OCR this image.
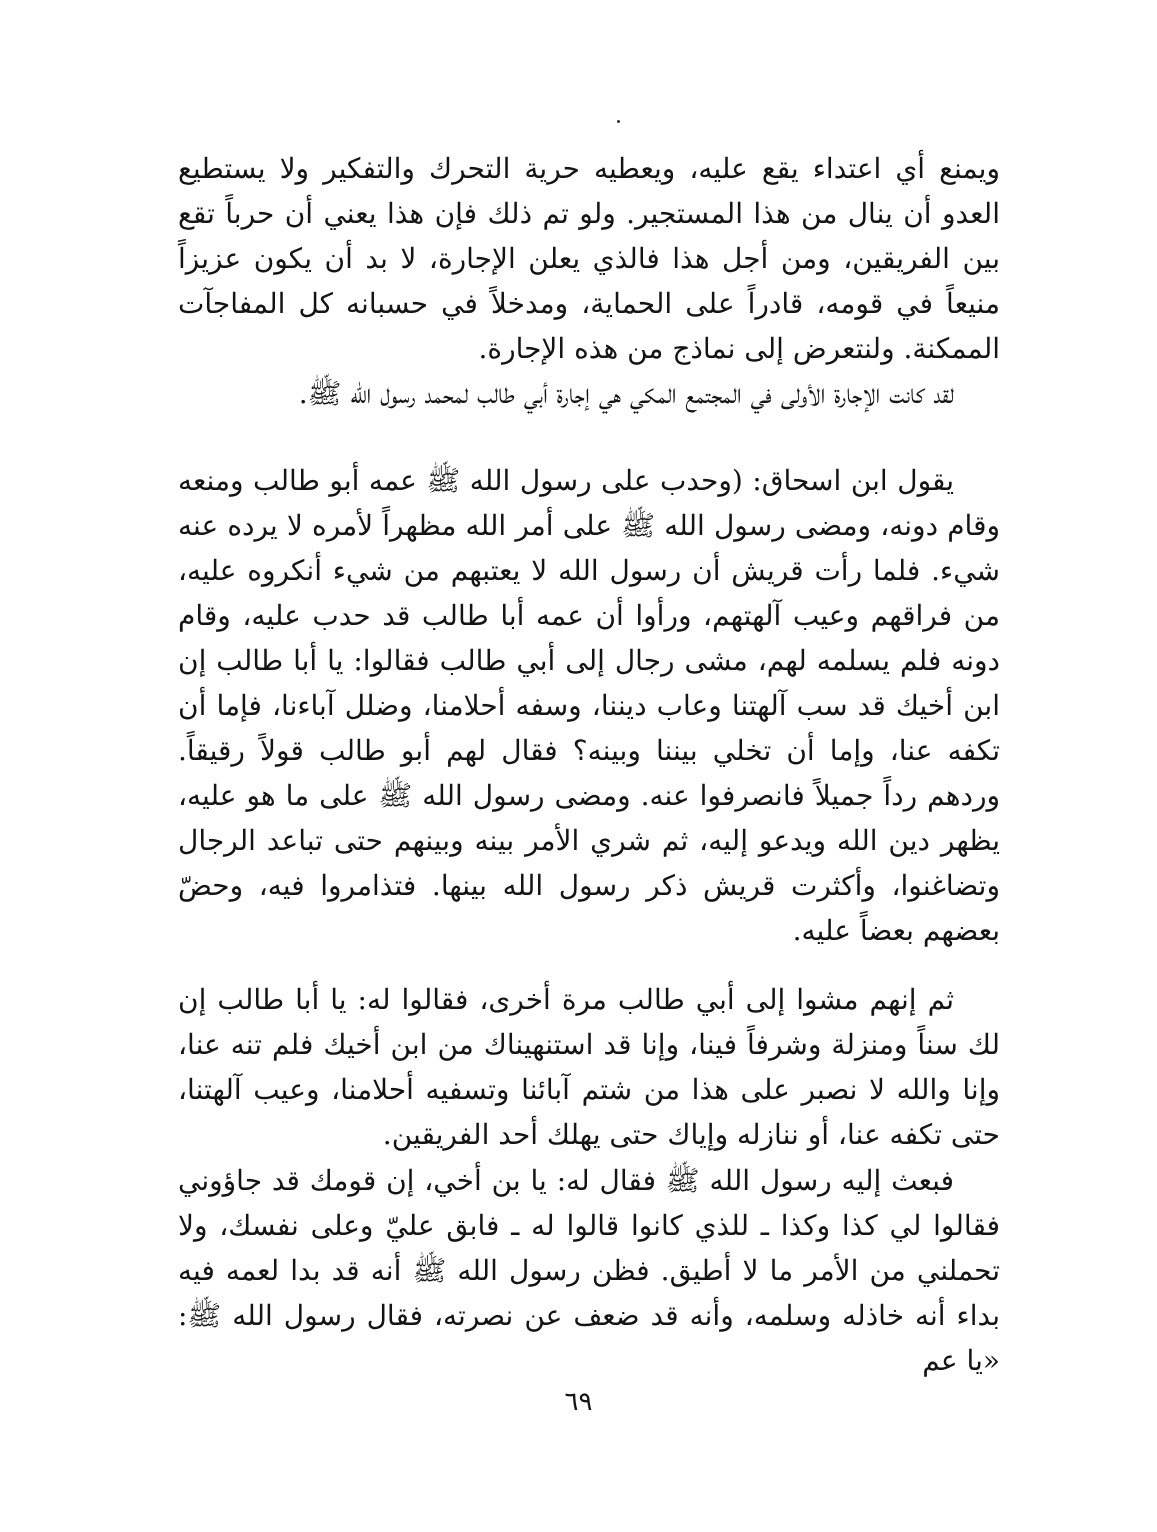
ويمنع أي اعتداء يقع عليه، ويعطيه حرية التحرك والتفكير ولا يستطيع العدو أن ينال من هذا المستجير. ولو تم ذلك فإن هذا يعني أن حرباً تقع بين الفريقين، ومن أجل هذا فالذي يعلن الإجارة، لا بد أن يكون عزيزاً منيعاً في قومه، قادراً على الحماية، ومدخلاً في حسبانه كل المفاجآت الممكنة. ولنتعرض إلى نماذج من هذه الإجارة.

لقد كانت الإجارة الأولى في المجتمع المكي هي إجارة أبي طالب لمحمد رسول الله ﷺ.

يقول ابن اسحاق: (وحدب على رسول الله ﷺ عمه أبو طالب ومنعه وقام دونه، ومضى رسول الله ﷺ على أمر الله مظهراً لأمره لا يرده عنه شيء. فلما رأت قريش أن رسول الله لا يعتبهم من شيء أنكروه عليه، من فراقهم وعيب آلهتهم، ورأوا أن عمه أبا طالب قد حدب عليه، وقام دونه فلم يسلمه لهم، مشى رجال إلى أبي طالب فقالوا: يا أبا طالب إن ابن أخيك قد سب آلهتنا وعاب ديننا، وسفه أحلامنا، وضلل آباءنا، فإما أن تكفه عنا، وإما أن تخلي بيننا وبينه؟ فقال لهم أبو طالب قولاً رقيقاً. وردهم رداً جميلاً فانصرفوا عنه. ومضى رسول الله ﷺ على ما هو عليه، يظهر دين الله ويدعو إليه، ثم شري الأمر بينه وبينهم حتى تباعد الرجال وتضاغنوا، وأكثرت قريش ذكر رسول الله بينها. فتذامروا فيه، وحضّ بعضهم بعضاً عليه.

ثم إنهم مشوا إلى أبي طالب مرة أخرى، فقالوا له: يا أبا طالب إن لك سناً ومنزلة وشرفاً فينا، وإنا قد استنهيناك من ابن أخيك فلم تنه عنا، وإنا والله لا نصبر على هذا من شتم آبائنا وتسفيه أحلامنا، وعيب آلهتنا، حتى تكفه عنا، أو ننازله وإياك حتى يهلك أحد الفريقين.

فبعث إليه رسول الله ﷺ فقال له: يا بن أخي، إن قومك قد جاؤوني فقالوا لي كذا وكذا ـ للذي كانوا قالوا له ـ فابق عليّ وعلى نفسك، ولا تحملني من الأمر ما لا أطيق. فظن رسول الله ﷺ أنه قد بدا لعمه فيه بداء أنه خاذله وسلمه، وأنه قد ضعف عن نصرته، فقال رسول الله ﷺ: «يا عم

٦٩
